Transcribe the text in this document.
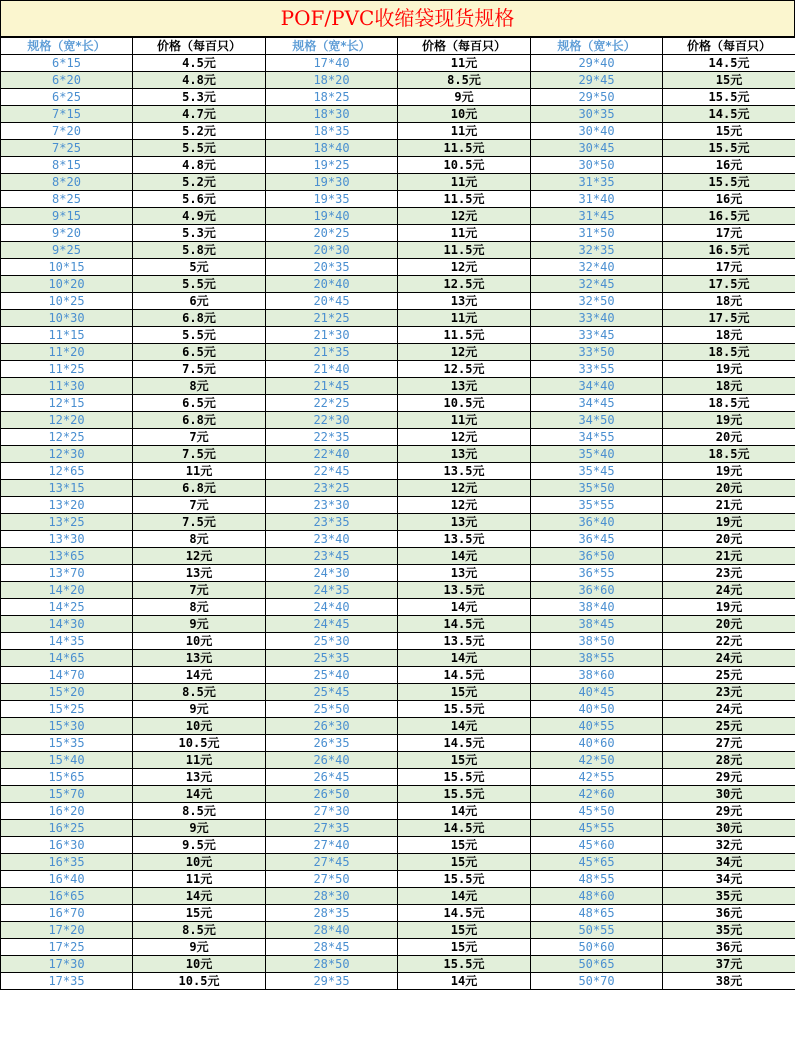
POF/PVC收缩袋现货规格
规格（宽*长）	价格（每百只）	规格（宽*长）	价格（每百只）	规格（宽*长）	价格（每百只）
6*15	4.5元	17*40	11元	29*40	14.5元
6*20	4.8元	18*20	8.5元	29*45	15元
6*25	5.3元	18*25	9元	29*50	15.5元
7*15	4.7元	18*30	10元	30*35	14.5元
7*20	5.2元	18*35	11元	30*40	15元
7*25	5.5元	18*40	11.5元	30*45	15.5元
8*15	4.8元	19*25	10.5元	30*50	16元
8*20	5.2元	19*30	11元	31*35	15.5元
8*25	5.6元	19*35	11.5元	31*40	16元
9*15	4.9元	19*40	12元	31*45	16.5元
9*20	5.3元	20*25	11元	31*50	17元
9*25	5.8元	20*30	11.5元	32*35	16.5元
10*15	5元	20*35	12元	32*40	17元
10*20	5.5元	20*40	12.5元	32*45	17.5元
10*25	6元	20*45	13元	32*50	18元
10*30	6.8元	21*25	11元	33*40	17.5元
11*15	5.5元	21*30	11.5元	33*45	18元
11*20	6.5元	21*35	12元	33*50	18.5元
11*25	7.5元	21*40	12.5元	33*55	19元
11*30	8元	21*45	13元	34*40	18元
12*15	6.5元	22*25	10.5元	34*45	18.5元
12*20	6.8元	22*30	11元	34*50	19元
12*25	7元	22*35	12元	34*55	20元
12*30	7.5元	22*40	13元	35*40	18.5元
12*65	11元	22*45	13.5元	35*45	19元
13*15	6.8元	23*25	12元	35*50	20元
13*20	7元	23*30	12元	35*55	21元
13*25	7.5元	23*35	13元	36*40	19元
13*30	8元	23*40	13.5元	36*45	20元
13*65	12元	23*45	14元	36*50	21元
13*70	13元	24*30	13元	36*55	23元
14*20	7元	24*35	13.5元	36*60	24元
14*25	8元	24*40	14元	38*40	19元
14*30	9元	24*45	14.5元	38*45	20元
14*35	10元	25*30	13.5元	38*50	22元
14*65	13元	25*35	14元	38*55	24元
14*70	14元	25*40	14.5元	38*60	25元
15*20	8.5元	25*45	15元	40*45	23元
15*25	9元	25*50	15.5元	40*50	24元
15*30	10元	26*30	14元	40*55	25元
15*35	10.5元	26*35	14.5元	40*60	27元
15*40	11元	26*40	15元	42*50	28元
15*65	13元	26*45	15.5元	42*55	29元
15*70	14元	26*50	15.5元	42*60	30元
16*20	8.5元	27*30	14元	45*50	29元
16*25	9元	27*35	14.5元	45*55	30元
16*30	9.5元	27*40	15元	45*60	32元
16*35	10元	27*45	15元	45*65	34元
16*40	11元	27*50	15.5元	48*55	34元
16*65	14元	28*30	14元	48*60	35元
16*70	15元	28*35	14.5元	48*65	36元
17*20	8.5元	28*40	15元	50*55	35元
17*25	9元	28*45	15元	50*60	36元
17*30	10元	28*50	15.5元	50*65	37元
17*35	10.5元	29*35	14元	50*70	38元
